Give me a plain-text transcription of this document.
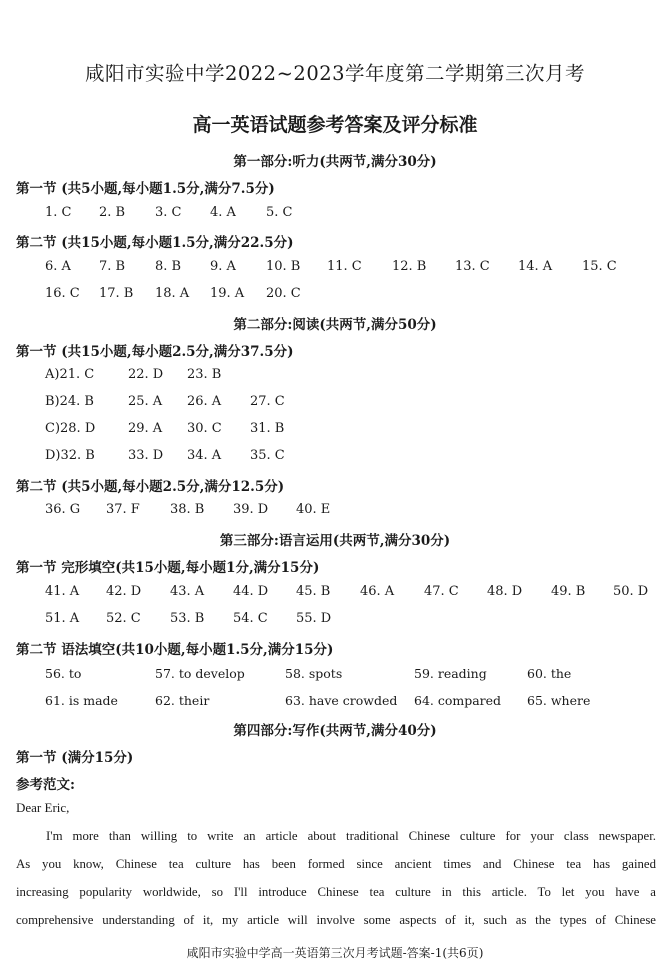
咸阳市实验中学2022~2023学年度第二学期第三次月考
高一英语试题参考答案及评分标准
第一部分:听力(共两节,满分30分)
第一节 (共5小题,每小题1.5分,满分7.5分)
1. C 2. B 3. C 4. A 5. C
第二节 (共15小题,每小题1.5分,满分22.5分)
6. A 7. B 8. B 9. A 10. B 11. C 12. B 13. C 14. A 15. C
16. C 17. B 18. A 19. A 20. C
第二部分:阅读(共两节,满分50分)
第一节 (共15小题,每小题2.5分,满分37.5分)
A)21. C	22. D 23. B
B)24. B	25. A 26. A 27. C
C)28. D	29. A 30. C 31. B
D)32. B	33. D 34. A 35. C
第二节 (共5小题,每小题2.5分,满分12.5分)
36. G 37. F 38. B 39. D 40. E
第三部分:语言运用(共两节,满分30分)
第一节 完形填空(共15小题,每小题1分,满分15分)
41. A 42. D 43. A 44. D 45. B 46. A 47. C 48. D 49. B 50. D
51. A 52. C 53. B 54. C 55. D
第二节 语法填空(共10小题,每小题1.5分,满分15分)
56. to	57. to develop	58. spots	59. reading	60. the
61. is made	62. their	63. have crowded 64. compared 65. where
第四部分:写作(共两节,满分40分)
第一节 (满分15分)
参考范文:
Dear Eric,
I'm more than willing to write an article about traditional Chinese culture for your class newspaper.
As you know, Chinese tea culture has been formed since ancient times and Chinese tea has gained
increasing popularity worldwide, so I'll introduce Chinese tea culture in this article. To let you have a
comprehensive understanding of it, my article will involve some aspects of it, such as the types of Chinese
咸阳市实验中学高一英语第三次月考试题-答案-1(共6页)
